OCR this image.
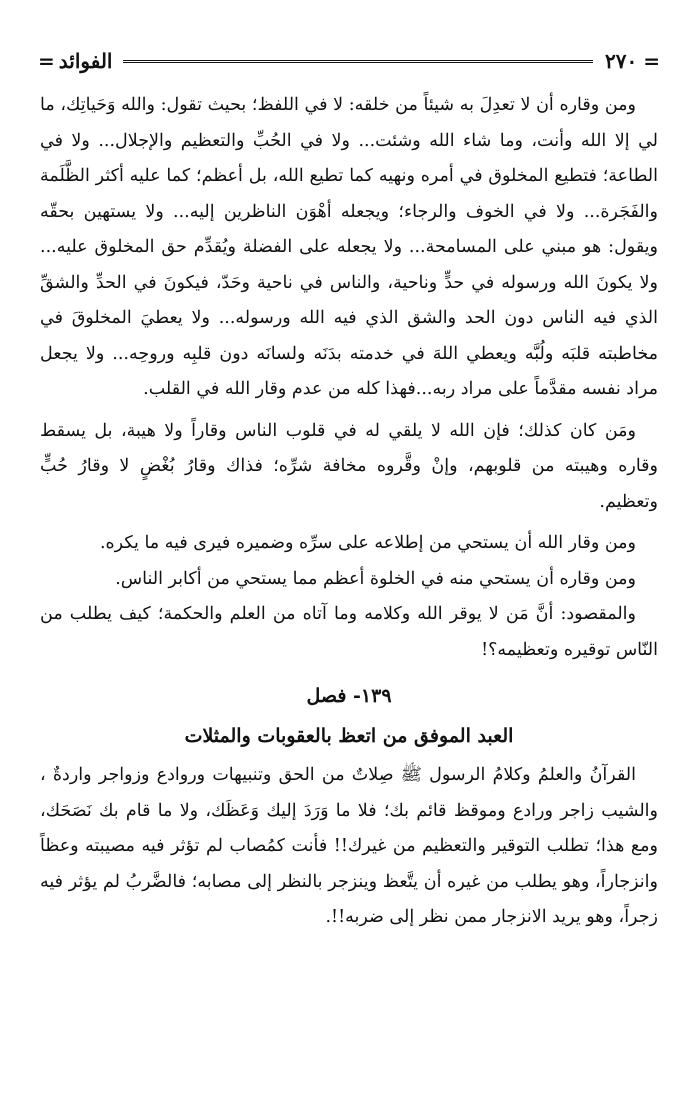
=
٢٧٠
الفوائد
=

ومن وقاره أن لا تعدِلَ به شيئاً من خلقه: لا في اللفظ؛ بحيث تقول: والله وَحَياتِك، ما لي إلا الله وأنت، وما شاء الله وشئت... ولا في الحُبِّ والتعظيم والإجلال... ولا في الطاعة؛ فتطيع المخلوق في أمره ونهيه كما تطيع الله، بل أعظم؛ كما عليه أكثر الظَّلَمة والفَجَرة... ولا في الخوف والرجاء؛ ويجعله أهْوَن الناظرين إليه... ولا يستهين بحقّه ويقول: هو مبني على المسامحة... ولا يجعله على الفضلة ويُقدِّم حق المخلوق عليه... ولا يكونَ الله ورسوله في حدٍّ وناحية، والناس في ناحية وحَدّ، فيكونَ في الحدِّ والشقِّ الذي فيه الناس دون الحد والشق الذي فيه الله ورسوله... ولا يعطيَ المخلوقَ في مخاطبته قلبَه ولُبَّه ويعطي اللهَ في خدمته بدَنَه ولسانَه دون قلبِه وروحِه... ولا يجعل مراد نفسه مقدَّماً على مراد ربه...فهذا كله من عدم وقار الله في القلب.

ومَن كان كذلك؛ فإن الله لا يلقي له في قلوب الناس وقاراً ولا هيبة، بل يسقط وقاره وهيبته من قلوبهم، وإنْ وقَّروه مخافة شرِّه؛ فذاك وقارُ بُغْضٍ لا وقارُ حُبٍّ وتعظيم.

ومن وقار الله أن يستحي من إطلاعه على سرِّه وضميره فيرى فيه ما يكره.

ومن وقاره أن يستحي منه في الخلوة أعظم مما يستحي من أكابر الناس.

والمقصود: أنَّ مَن لا يوقر الله وكلامه وما آتاه من العلم والحكمة؛ كيف يطلب من النّاس توقيره وتعظيمه؟!

١٣٩- فصل
العبد الموفق من اتعظ بالعقوبات والمثلات

القرآنُ والعلمُ وكلامُ الرسول ﷺ صِلاتٌ من الحق وتنبيهات وروادع وزواجر واردةٌ ، والشيب زاجر ورادع وموقظ قائم بك؛ فلا ما وَرَدَ إليك وَعَظَك، ولا ما قام بك نَصَحَك، ومع هذا؛ تطلب التوقير والتعظيم من غيرك!! فأنت كمُصاب لم تؤثر فيه مصيبته وعظاً وانزجاراً، وهو يطلب من غيره أن يتَّعظ وينزجر بالنظر إلى مصابه؛ فالضَّربُ لم يؤثر فيه زجراً، وهو يريد الانزجار ممن نظر إلى ضربه!!.
